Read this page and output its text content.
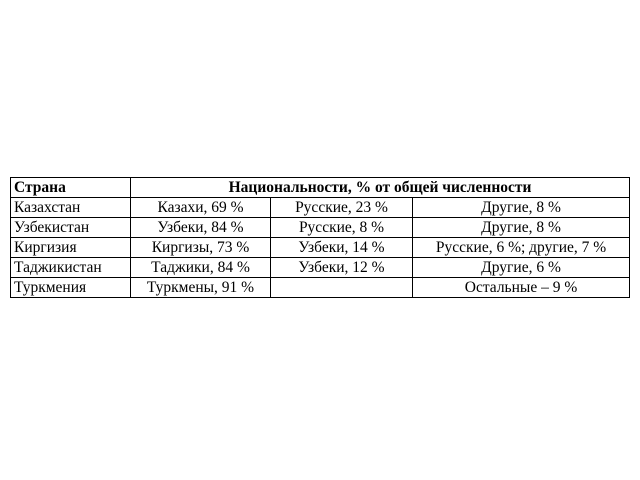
Страна	Национальности, % от общей численности		
Казахстан	Казахи, 69 %	Русские, 23 %	Другие, 8 %
Узбекистан	Узбеки, 84 %	Русские, 8 %	Другие, 8 %
Киргизия	Киргизы, 73 %	Узбеки, 14 %	Русские, 6 %; другие, 7 %
Таджикистан	Таджики, 84 %	Узбеки, 12 %	Другие, 6 %
Туркмения	Туркмены, 91 %		Остальные – 9 %
